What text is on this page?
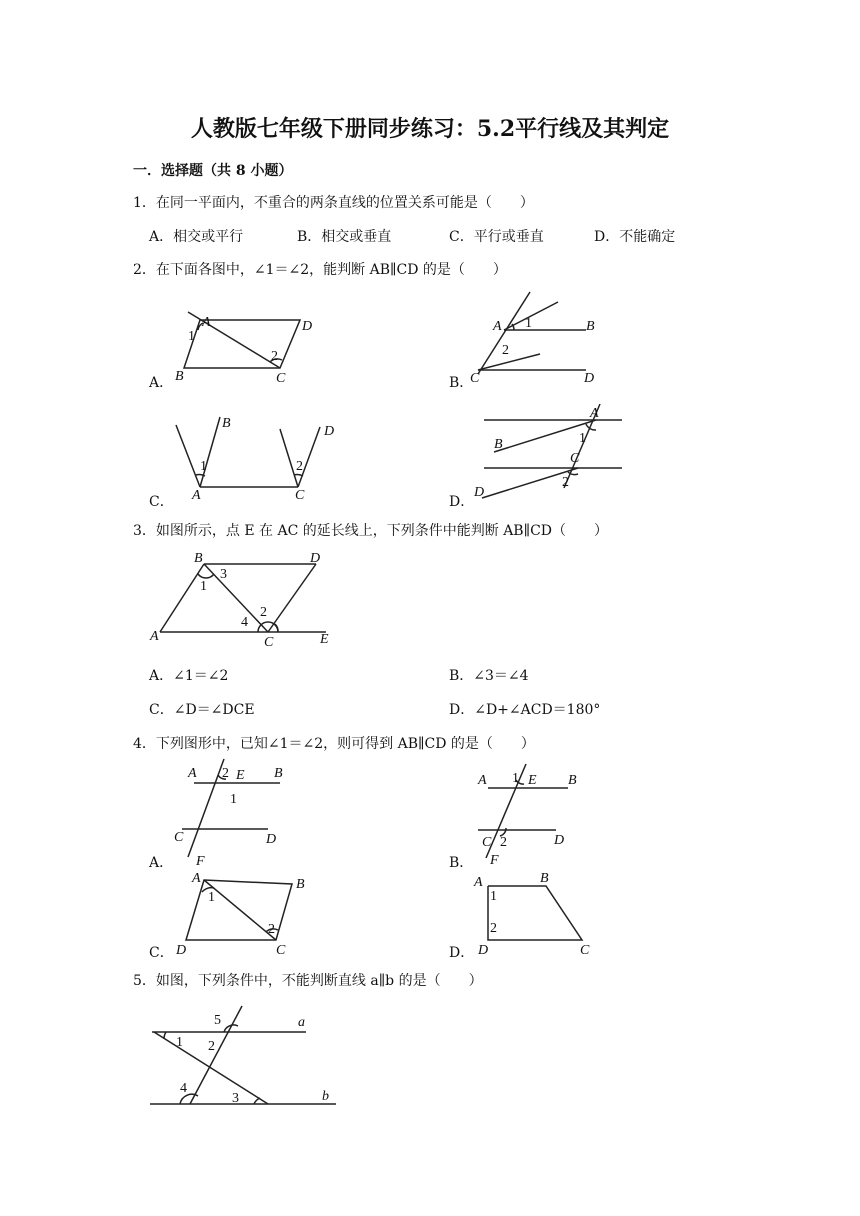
人教版七年级下册同步练习：5.2平行线及其判定
一．选择题（共 8 小题）
1．在同一平面内，不重合的两条直线的位置关系可能是（　　）
A．相交或平行	B．相交或垂直	C．平行或垂直	D．不能确定
2．在下面各图中，∠1＝∠2，能判断 AB∥CD 的是（　　）
A．
A	D
B	C
1
2
B．
A 1	B
2
C	D
C．
B
D
1	2
A	C	D．
A
B	1
C
2
D
3．如图所示，点 E 在 AC 的延长线上，下列条件中能判断 AB∥CD（　　）
B	D
3
1
2
4
A	C	E
A．∠1＝∠2	B．∠3＝∠4
C．∠D＝∠DCE	D．∠D+∠ACD＝180°
4．下列图形中，已知∠1＝∠2，则可得到 AB∥CD 的是（　　）
A．
A 2 E B
1
C	D
F	B．
A 1 E B
C 2	D
F
C．
A	B
1
2
D	C	D．
A	B
1
2
D	C
5．如图，下列条件中，不能判断直线 a∥b 的是（　　）
5	a
1 2
4
3	b
